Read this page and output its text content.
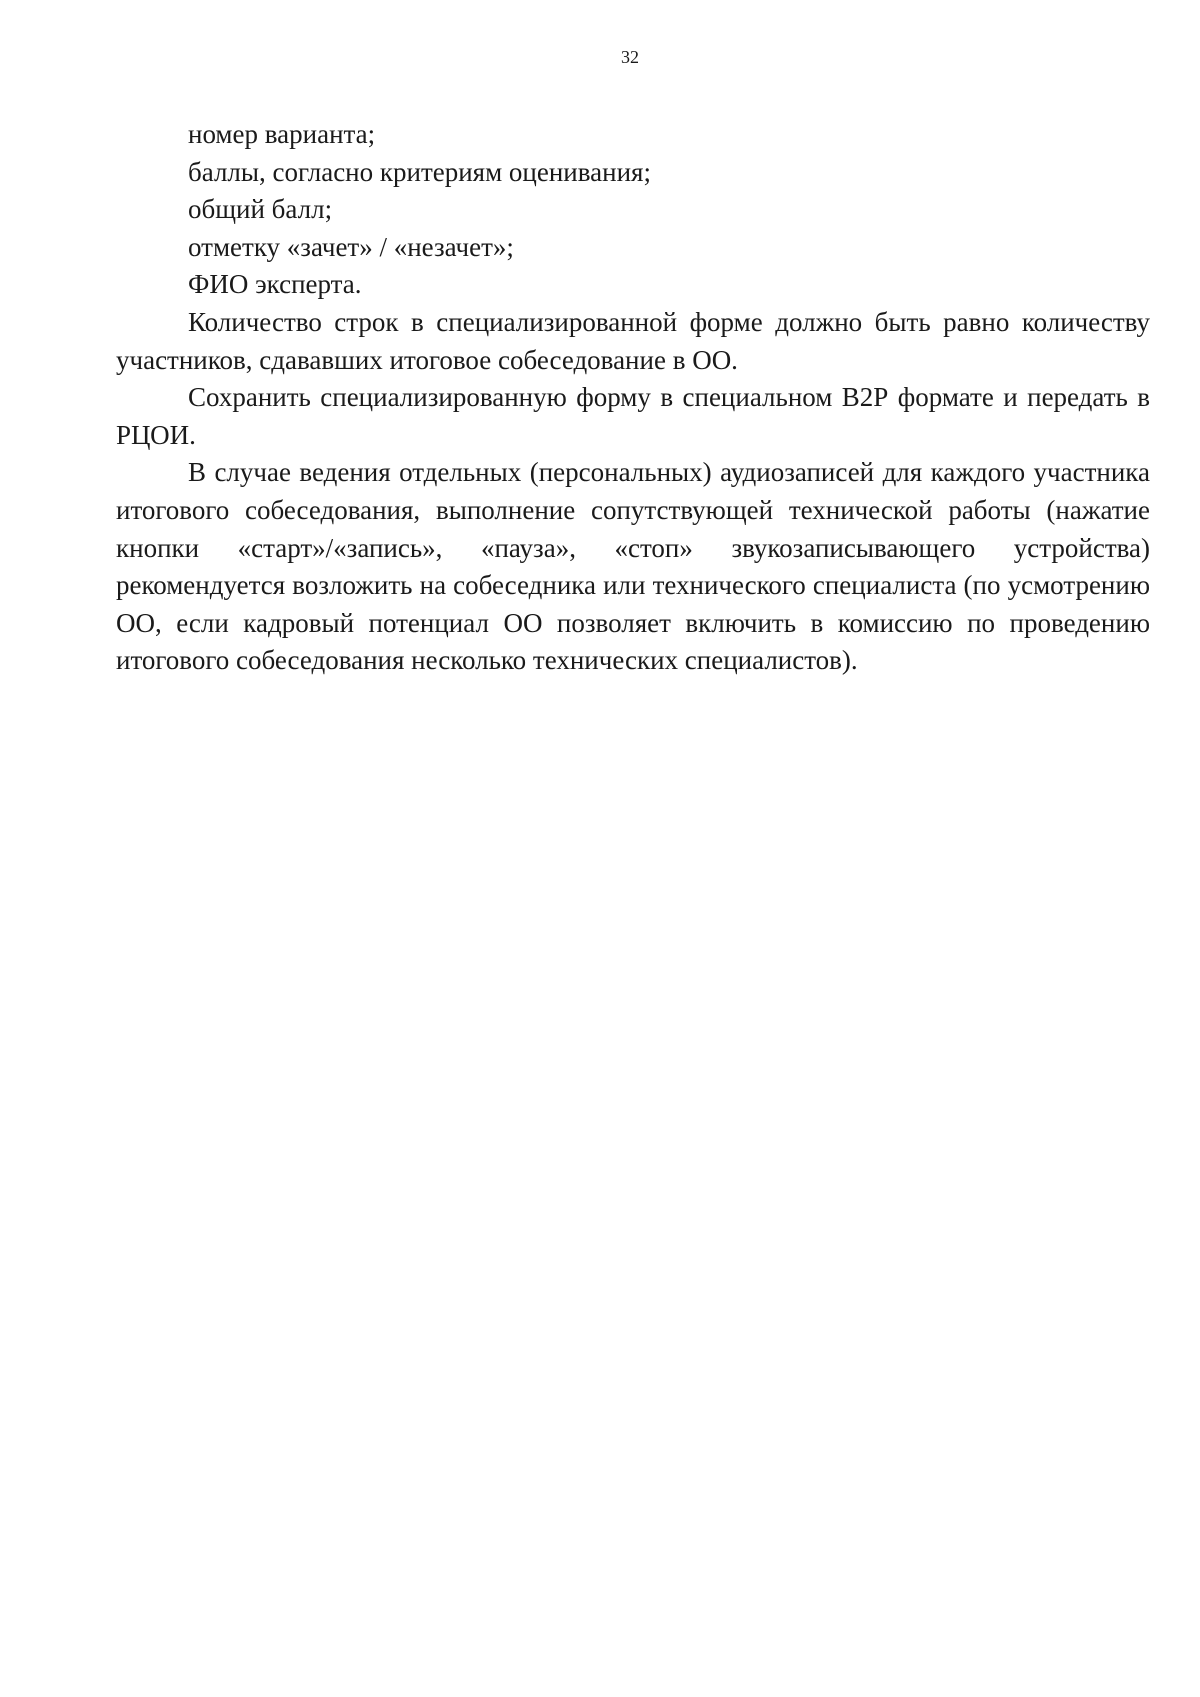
32

номер варианта;

баллы, согласно критериям оценивания;

общий балл;

отметку «зачет» / «незачет»;

ФИО эксперта.

Количество строк в специализированной форме должно быть равно количеству участников, сдававших итоговое собеседование в ОО.

Сохранить специализированную форму в специальном В2Р формате и передать в РЦОИ.

В случае ведения отдельных (персональных) аудиозаписей для каждого участника итогового собеседования, выполнение сопутствующей технической работы (нажатие кнопки «старт»/«запись», «пауза», «стоп» звукозаписывающего устройства) рекомендуется возложить на собеседника или технического специалиста (по усмотрению ОО, если кадровый потенциал ОО позволяет включить в комиссию по проведению итогового собеседования несколько технических специалистов).
